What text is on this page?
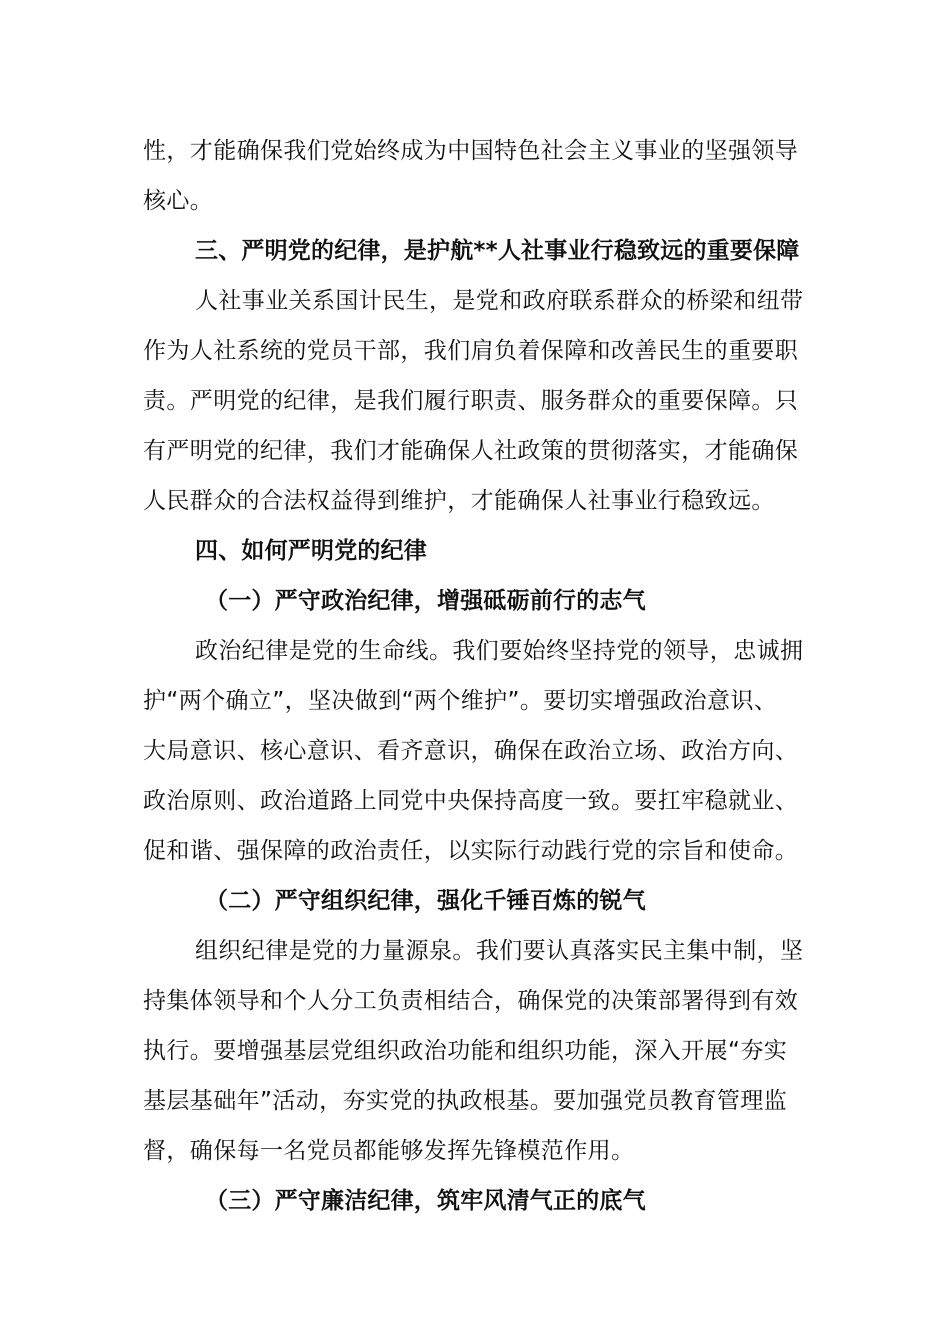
性，才能确保我们党始终成为中国特色社会主义事业的坚强领导
核心。
三、严明党的纪律，是护航**人社事业行稳致远的重要保障
人社事业关系国计民生，是党和政府联系群众的桥梁和纽带
作为人社系统的党员干部，我们肩负着保障和改善民生的重要职
责。严明党的纪律，是我们履行职责、服务群众的重要保障。只
有严明党的纪律，我们才能确保人社政策的贯彻落实，才能确保
人民群众的合法权益得到维护，才能确保人社事业行稳致远。
四、如何严明党的纪律
（一）严守政治纪律，增强砥砺前行的志气
政治纪律是党的生命线。我们要始终坚持党的领导，忠诚拥
护“两个确立”，坚决做到“两个维护”。要切实增强政治意识、
大局意识、核心意识、看齐意识，确保在政治立场、政治方向、
政治原则、政治道路上同党中央保持高度一致。要扛牢稳就业、
促和谐、强保障的政治责任，以实际行动践行党的宗旨和使命。
（二）严守组织纪律，强化千锤百炼的锐气
组织纪律是党的力量源泉。我们要认真落实民主集中制，坚
持集体领导和个人分工负责相结合，确保党的决策部署得到有效
执行。要增强基层党组织政治功能和组织功能，深入开展“夯实
基层基础年”活动，夯实党的执政根基。要加强党员教育管理监
督，确保每一名党员都能够发挥先锋模范作用。
（三）严守廉洁纪律，筑牢风清气正的底气
